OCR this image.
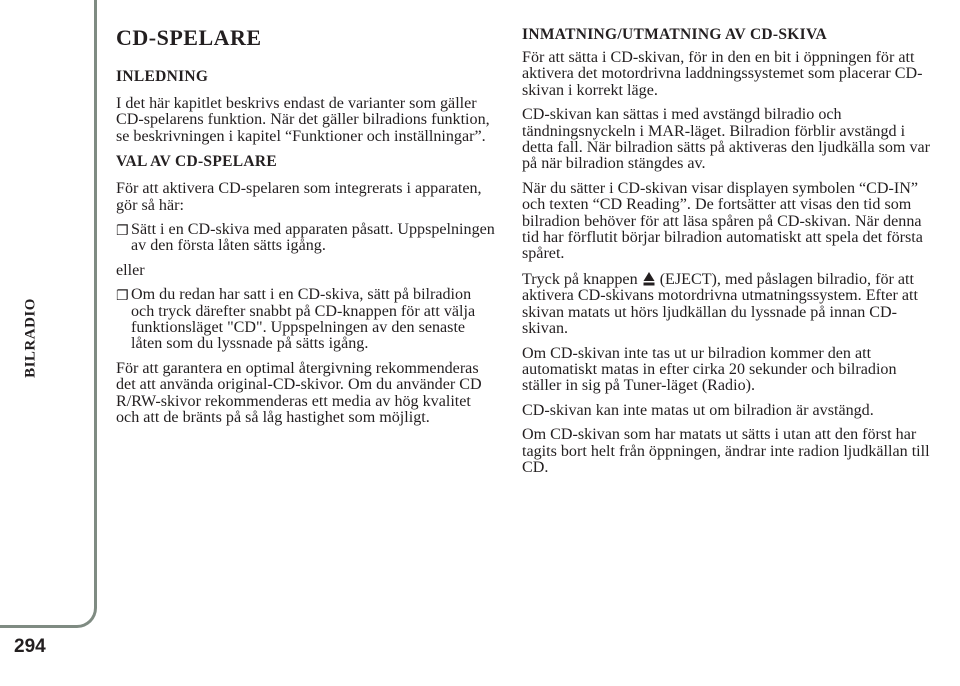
BILRADIO
294
CD-SPELARE
INLEDNING

I det här kapitlet beskrivs endast de varianter som gäller CD-spelarens funktion. När det gäller bilradions funktion, se beskrivningen i kapitel “Funktioner och inställningar”.

VAL AV CD-SPELARE

För att aktivera CD-spelaren som integrerats i apparaten, gör så här:

❐ Sätt i en CD-skiva med apparaten påsatt. Uppspelningen av den första låten sätts igång.

eller

❐ Om du redan har satt i en CD-skiva, sätt på bilradion och tryck därefter snabbt på CD-knappen för att välja funktionsläget "CD". Uppspelningen av den senaste låten som du lyssnade på sätts igång.

För att garantera en optimal återgivning rekommenderas det att använda original-CD-skivor. Om du använder CD R/RW-skivor rekommenderas ett media av hög kvalitet och att de bränts på så låg hastighet som möjligt.

INMATNING/UTMATNING AV CD-SKIVA

För att sätta i CD-skivan, för in den en bit i öppningen för att aktivera det motordrivna laddningssystemet som placerar CD-skivan i korrekt läge.

CD-skivan kan sättas i med avstängd bilradio och tändningsnyckeln i MAR-läget. Bilradion förblir avstängd i detta fall. När bilradion sätts på aktiveras den ljudkälla som var på när bilradion stängdes av.

När du sätter i CD-skivan visar displayen symbolen “CD-IN” och texten “CD Reading”. De fortsätter att visas den tid som bilradion behöver för att läsa spåren på CD-skivan. När denna tid har förflutit börjar bilradion automatiskt att spela det första spåret.

Tryck på knappen (EJECT), med påslagen bilradio, för att aktivera CD-skivans motordrivna utmatningssystem. Efter att skivan matats ut hörs ljudkällan du lyssnade på innan CD-skivan.

Om CD-skivan inte tas ut ur bilradion kommer den att automatiskt matas in efter cirka 20 sekunder och bilradion ställer in sig på Tuner-läget (Radio).

CD-skivan kan inte matas ut om bilradion är avstängd.

Om CD-skivan som har matats ut sätts i utan att den först har tagits bort helt från öppningen, ändrar inte radion ljudkällan till CD.
